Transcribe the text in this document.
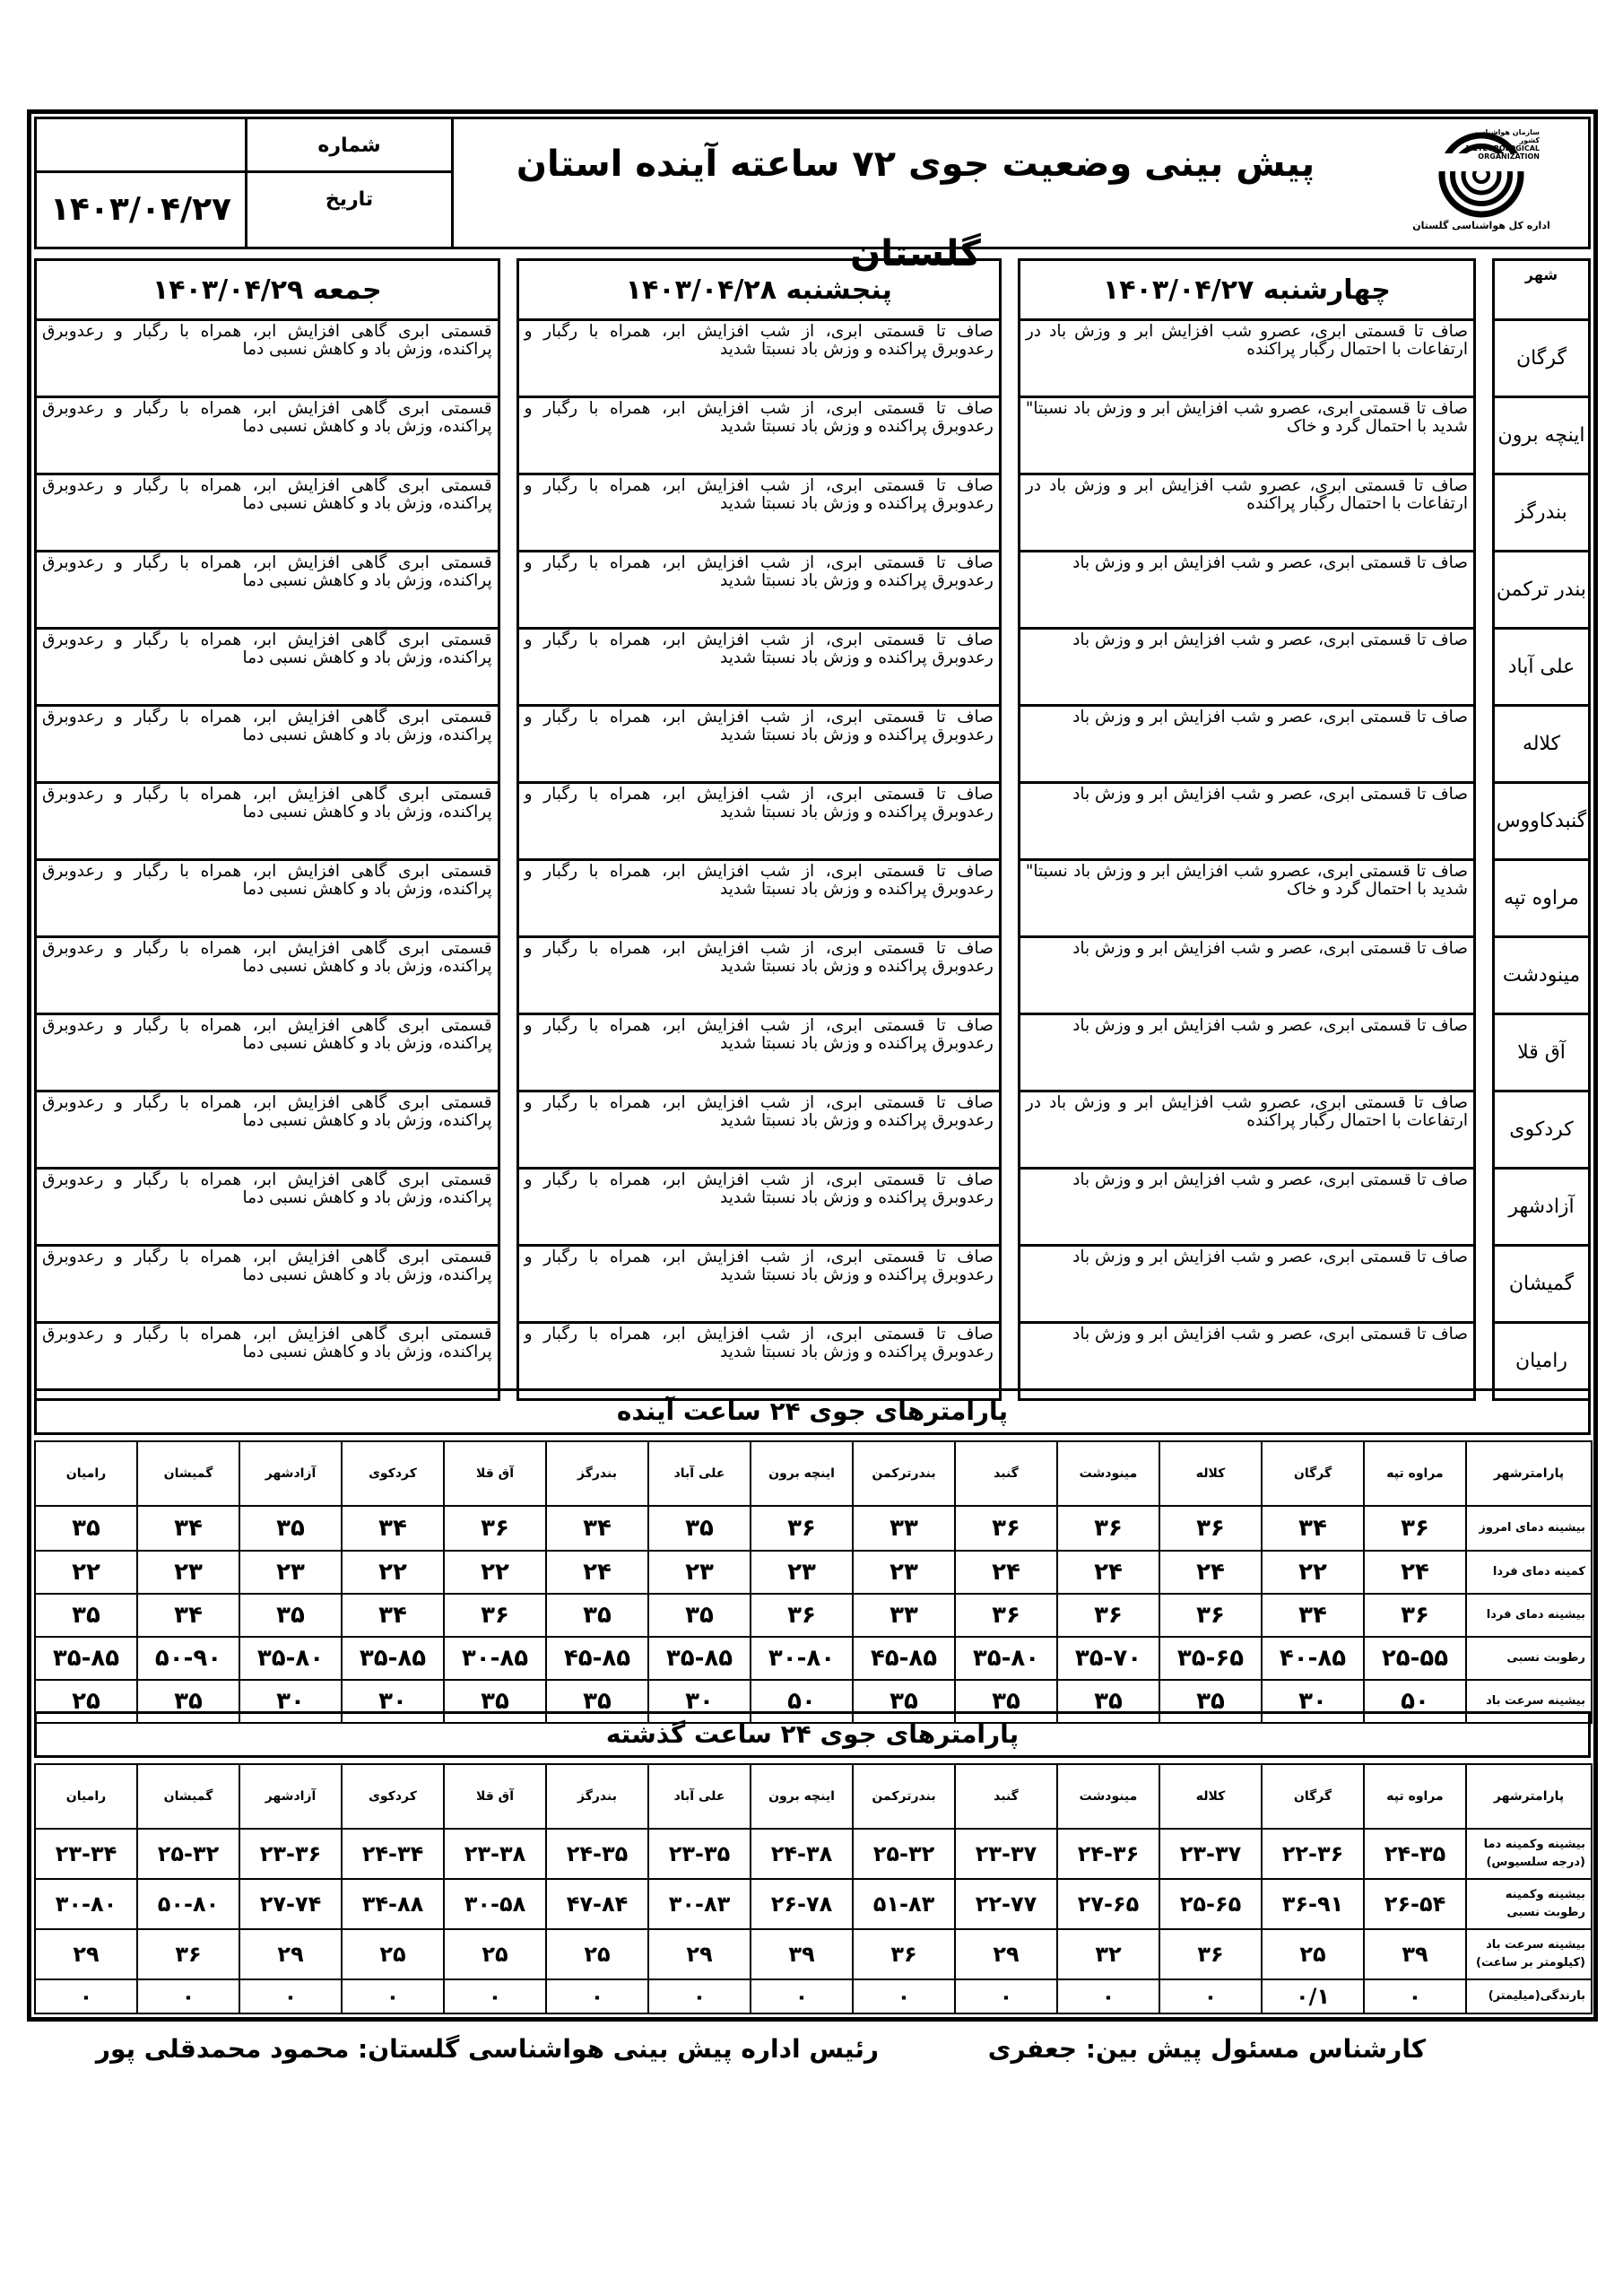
۱۴۰۳/۰۴/۲۷
شماره
تاریخ
پیش بینی وضعیت جوی ۷۲ ساعته آینده استان گلستان
سازمان هواشناسی کشور METEOROLOGICAL ORGANIZATION
اداره کل هواشناسی گلستان
شهر		چهارشنبه ۱۴۰۳/۰۴/۲۷		پنجشنبه ۱۴۰۳/۰۴/۲۸		جمعه ۱۴۰۳/۰۴/۲۹
گرگان		صاف تا قسمتی ابری، عصرو شب افزایش ابر و وزش باد در ارتفاعات با احتمال رگبار پراکنده		صاف تا قسمتی ابری، از شب افزایش ابر، همراه با رگبار و رعدوبرق پراکنده و وزش باد نسبتا شدید		قسمتی ابری گاهی افزایش ابر، همراه با رگبار و رعدوبرق پراکنده، وزش باد و کاهش نسبی دما
اینچه برون		صاف تا قسمتی ابری، عصرو شب افزایش ابر و وزش باد نسبتا" شدید با احتمال گرد و خاک		صاف تا قسمتی ابری، از شب افزایش ابر، همراه با رگبار و رعدوبرق پراکنده و وزش باد نسبتا شدید		قسمتی ابری گاهی افزایش ابر، همراه با رگبار و رعدوبرق پراکنده، وزش باد و کاهش نسبی دما
بندرگز		صاف تا قسمتی ابری، عصرو شب افزایش ابر و وزش باد در ارتفاعات با احتمال رگبار پراکنده		صاف تا قسمتی ابری، از شب افزایش ابر، همراه با رگبار و رعدوبرق پراکنده و وزش باد نسبتا شدید		قسمتی ابری گاهی افزایش ابر، همراه با رگبار و رعدوبرق پراکنده، وزش باد و کاهش نسبی دما
بندر ترکمن		صاف تا قسمتی ابری، عصر و شب افزایش ابر و وزش باد		صاف تا قسمتی ابری، از شب افزایش ابر، همراه با رگبار و رعدوبرق پراکنده و وزش باد نسبتا شدید		قسمتی ابری گاهی افزایش ابر، همراه با رگبار و رعدوبرق پراکنده، وزش باد و کاهش نسبی دما
علی آباد		صاف تا قسمتی ابری، عصر و شب افزایش ابر و وزش باد		صاف تا قسمتی ابری، از شب افزایش ابر، همراه با رگبار و رعدوبرق پراکنده و وزش باد نسبتا شدید		قسمتی ابری گاهی افزایش ابر، همراه با رگبار و رعدوبرق پراکنده، وزش باد و کاهش نسبی دما
کلاله		صاف تا قسمتی ابری، عصر و شب افزایش ابر و وزش باد		صاف تا قسمتی ابری، از شب افزایش ابر، همراه با رگبار و رعدوبرق پراکنده و وزش باد نسبتا شدید		قسمتی ابری گاهی افزایش ابر، همراه با رگبار و رعدوبرق پراکنده، وزش باد و کاهش نسبی دما
گنبدکاووس		صاف تا قسمتی ابری، عصر و شب افزایش ابر و وزش باد		صاف تا قسمتی ابری، از شب افزایش ابر، همراه با رگبار و رعدوبرق پراکنده و وزش باد نسبتا شدید		قسمتی ابری گاهی افزایش ابر، همراه با رگبار و رعدوبرق پراکنده، وزش باد و کاهش نسبی دما
مراوه تپه		صاف تا قسمتی ابری، عصرو شب افزایش ابر و وزش باد نسبتا" شدید با احتمال گرد و خاک		صاف تا قسمتی ابری، از شب افزایش ابر، همراه با رگبار و رعدوبرق پراکنده و وزش باد نسبتا شدید		قسمتی ابری گاهی افزایش ابر، همراه با رگبار و رعدوبرق پراکنده، وزش باد و کاهش نسبی دما
مینودشت		صاف تا قسمتی ابری، عصر و شب افزایش ابر و وزش باد		صاف تا قسمتی ابری، از شب افزایش ابر، همراه با رگبار و رعدوبرق پراکنده و وزش باد نسبتا شدید		قسمتی ابری گاهی افزایش ابر، همراه با رگبار و رعدوبرق پراکنده، وزش باد و کاهش نسبی دما
آق قلا		صاف تا قسمتی ابری، عصر و شب افزایش ابر و وزش باد		صاف تا قسمتی ابری، از شب افزایش ابر، همراه با رگبار و رعدوبرق پراکنده و وزش باد نسبتا شدید		قسمتی ابری گاهی افزایش ابر، همراه با رگبار و رعدوبرق پراکنده، وزش باد و کاهش نسبی دما
کردکوی		صاف تا قسمتی ابری، عصرو شب افزایش ابر و وزش باد در ارتفاعات با احتمال رگبار پراکنده		صاف تا قسمتی ابری، از شب افزایش ابر، همراه با رگبار و رعدوبرق پراکنده و وزش باد نسبتا شدید		قسمتی ابری گاهی افزایش ابر، همراه با رگبار و رعدوبرق پراکنده، وزش باد و کاهش نسبی دما
آزادشهر		صاف تا قسمتی ابری، عصر و شب افزایش ابر و وزش باد		صاف تا قسمتی ابری، از شب افزایش ابر، همراه با رگبار و رعدوبرق پراکنده و وزش باد نسبتا شدید		قسمتی ابری گاهی افزایش ابر، همراه با رگبار و رعدوبرق پراکنده، وزش باد و کاهش نسبی دما
گمیشان		صاف تا قسمتی ابری، عصر و شب افزایش ابر و وزش باد		صاف تا قسمتی ابری، از شب افزایش ابر، همراه با رگبار و رعدوبرق پراکنده و وزش باد نسبتا شدید		قسمتی ابری گاهی افزایش ابر، همراه با رگبار و رعدوبرق پراکنده، وزش باد و کاهش نسبی دما
رامیان		صاف تا قسمتی ابری، عصر و شب افزایش ابر و وزش باد		صاف تا قسمتی ابری، از شب افزایش ابر، همراه با رگبار و رعدوبرق پراکنده و وزش باد نسبتا شدید		قسمتی ابری گاهی افزایش ابر، همراه با رگبار و رعدوبرق پراکنده، وزش باد و کاهش نسبی دما
پارامترهای جوی ۲۴ ساعت آینده
پارامترشهر	مراوه تپه	گرگان	کلاله	مینودشت	گنبد	بندرترکمن	اینچه برون	علی آباد	بندرگز	آق قلا	کردکوی	آزادشهر	گمیشان	رامیان
بیشینه دمای امروز	۳۶	۳۴	۳۶	۳۶	۳۶	۳۳	۳۶	۳۵	۳۴	۳۶	۳۴	۳۵	۳۴	۳۵
کمینه دمای فردا	۲۴	۲۲	۲۴	۲۴	۲۴	۲۳	۲۳	۲۳	۲۴	۲۲	۲۲	۲۳	۲۳	۲۲
بیشینه دمای فردا	۳۶	۳۴	۳۶	۳۶	۳۶	۳۳	۳۶	۳۵	۳۵	۳۶	۳۴	۳۵	۳۴	۳۵
رطوبت نسبی	۲۵-۵۵	۴۰-۸۵	۳۵-۶۵	۳۵-۷۰	۳۵-۸۰	۴۵-۸۵	۳۰-۸۰	۳۵-۸۵	۴۵-۸۵	۳۰-۸۵	۳۵-۸۵	۳۵-۸۰	۵۰-۹۰	۳۵-۸۵
بیشینه سرعت باد	۵۰	۳۰	۳۵	۳۵	۳۵	۳۵	۵۰	۳۰	۳۵	۳۵	۳۰	۳۰	۳۵	۲۵
پارامترهای جوی ۲۴ ساعت گذشته
پارامترشهر	مراوه تپه	گرگان	کلاله	مینودشت	گنبد	بندرترکمن	اینچه برون	علی آباد	بندرگز	آق قلا	کردکوی	آزادشهر	گمیشان	رامیان
بیشینه وکمینه دما (درجه سلسیوس)	۲۴-۳۵	۲۲-۳۶	۲۳-۳۷	۲۴-۳۶	۲۳-۳۷	۲۵-۳۲	۲۴-۳۸	۲۳-۳۵	۲۴-۳۵	۲۳-۳۸	۲۴-۳۴	۲۳-۳۶	۲۵-۳۲	۲۳-۳۴
بیشینه وکمینه رطوبت نسبی	۲۶-۵۴	۳۶-۹۱	۲۵-۶۵	۲۷-۶۵	۲۲-۷۷	۵۱-۸۳	۲۶-۷۸	۳۰-۸۳	۴۷-۸۴	۳۰-۵۸	۳۴-۸۸	۲۷-۷۴	۵۰-۸۰	۳۰-۸۰
بیشینه سرعت باد (کیلومتر بر ساعت)	۳۹	۲۵	۳۶	۳۲	۲۹	۳۶	۳۹	۲۹	۲۵	۲۵	۲۵	۲۹	۳۶	۲۹
بارندگی(میلیمتر)	۰	۰/۱	۰	۰	۰	۰	۰	۰	۰	۰	۰	۰	۰	۰
کارشناس مسئول پیش بین: جعفری
رئیس اداره پیش بینی هواشناسی گلستان: محمود محمدقلی پور
